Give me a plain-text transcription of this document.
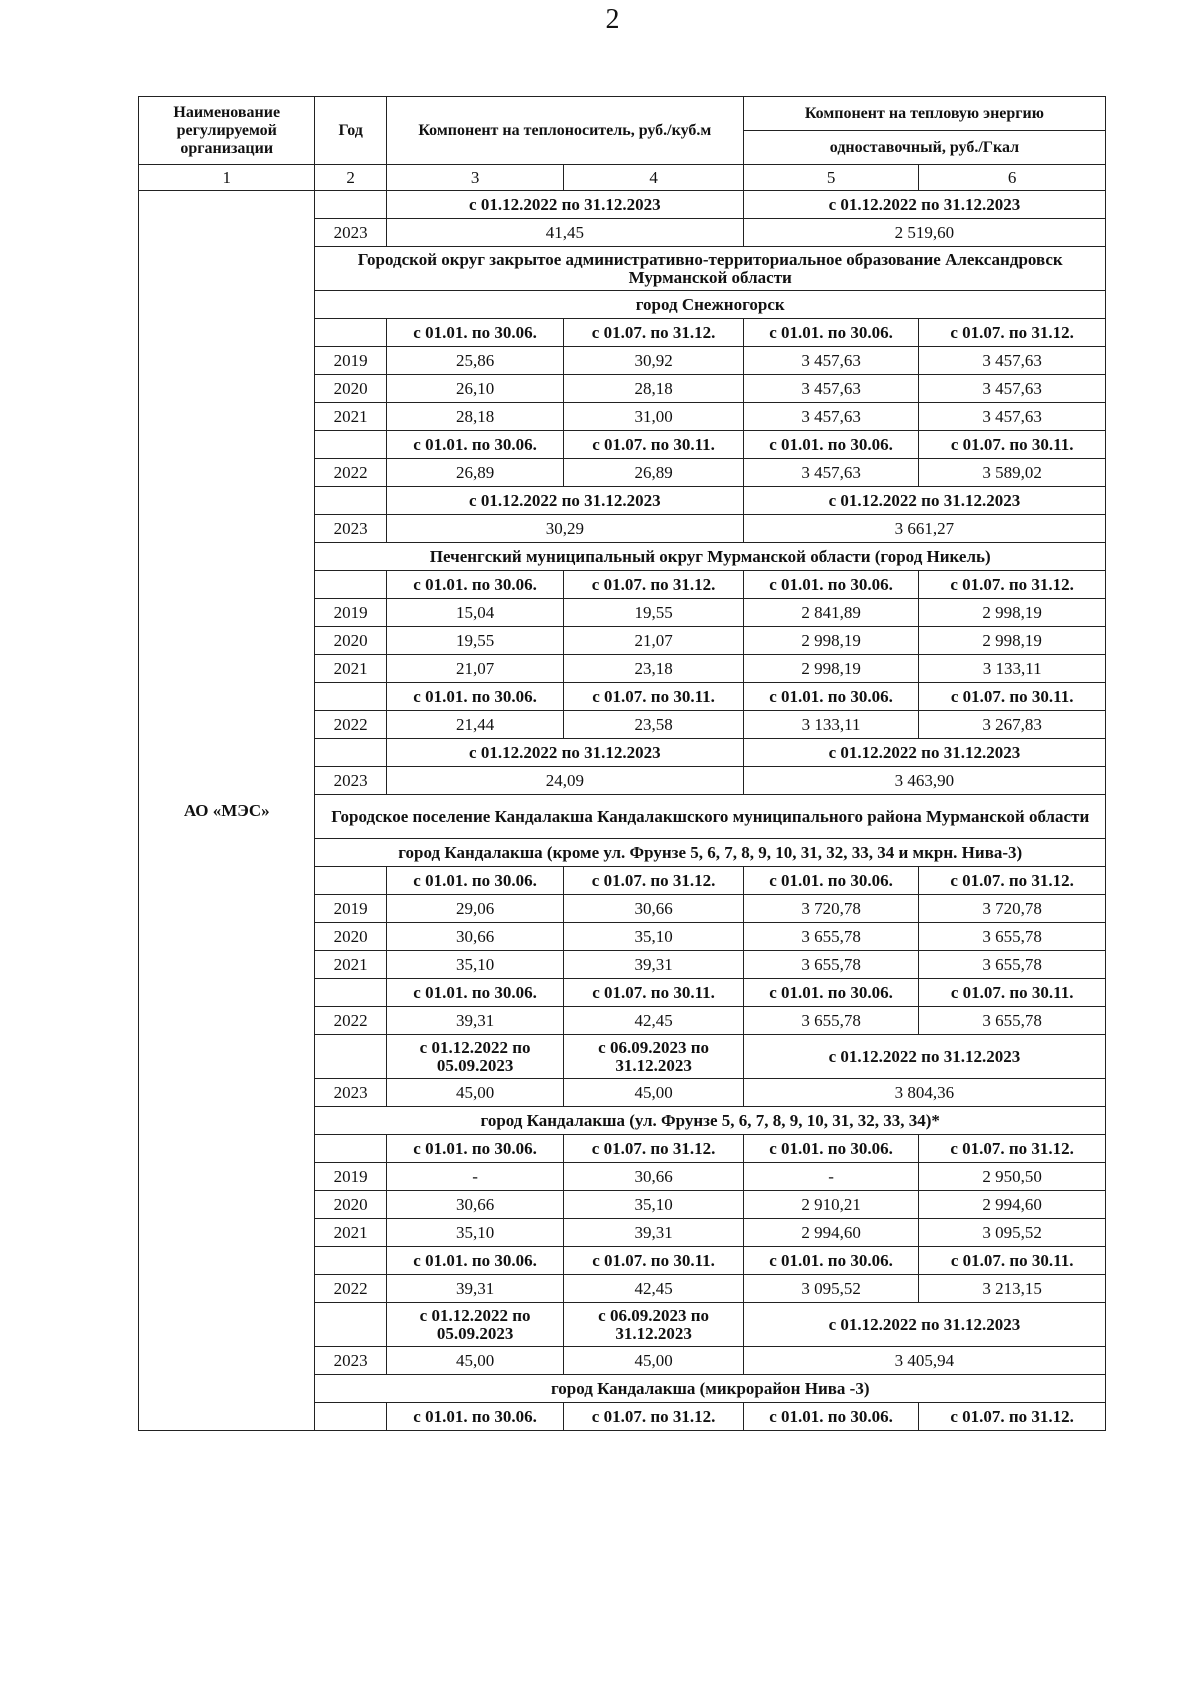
2
Наименование регулируемой организации	Год	Компонент на теплоноситель, руб./куб.м		Компонент на тепловую энергию	
				одноставочный, руб./Гкал	
1	2	3	4	5	6
АО «МЭС»		с 01.12.2022 по 31.12.2023		с 01.12.2022 по 31.12.2023	
	2023	41,45		2 519,60	
	Городской округ закрытое административно-территориальное образование Александровск Мурманской области				
	город Снежногорск				
		с 01.01. по 30.06.	с 01.07. по 31.12.	с 01.01. по 30.06.	с 01.07. по 31.12.
	2019	25,86	30,92	3 457,63	3 457,63
	2020	26,10	28,18	3 457,63	3 457,63
	2021	28,18	31,00	3 457,63	3 457,63
		с 01.01. по 30.06.	с 01.07. по 30.11.	с 01.01. по 30.06.	с 01.07. по 30.11.
	2022	26,89	26,89	3 457,63	3 589,02
		с 01.12.2022 по 31.12.2023		с 01.12.2022 по 31.12.2023	
	2023	30,29		3 661,27	
	Печенгский муниципальный округ Мурманской области (город Никель)				
		с 01.01. по 30.06.	с 01.07. по 31.12.	с 01.01. по 30.06.	с 01.07. по 31.12.
	2019	15,04	19,55	2 841,89	2 998,19
	2020	19,55	21,07	2 998,19	2 998,19
	2021	21,07	23,18	2 998,19	3 133,11
		с 01.01. по 30.06.	с 01.07. по 30.11.	с 01.01. по 30.06.	с 01.07. по 30.11.
	2022	21,44	23,58	3 133,11	3 267,83
		с 01.12.2022 по 31.12.2023		с 01.12.2022 по 31.12.2023	
	2023	24,09		3 463,90	
	Городское поселение Кандалакша Кандалакшского муниципального района Мурманской области				
	город Кандалакша (кроме ул. Фрунзе 5, 6, 7, 8, 9, 10, 31, 32, 33, 34 и мкрн. Нива-3)				
		с 01.01. по 30.06.	с 01.07. по 31.12.	с 01.01. по 30.06.	с 01.07. по 31.12.
	2019	29,06	30,66	3 720,78	3 720,78
	2020	30,66	35,10	3 655,78	3 655,78
	2021	35,10	39,31	3 655,78	3 655,78
		с 01.01. по 30.06.	с 01.07. по 30.11.	с 01.01. по 30.06.	с 01.07. по 30.11.
	2022	39,31	42,45	3 655,78	3 655,78
		с 01.12.2022 по 05.09.2023	с 06.09.2023 по 31.12.2023	с 01.12.2022 по 31.12.2023	
	2023	45,00	45,00	3 804,36	
	город Кандалакша (ул. Фрунзе 5, 6, 7, 8, 9, 10, 31, 32, 33, 34)*				
		с 01.01. по 30.06.	с 01.07. по 31.12.	с 01.01. по 30.06.	с 01.07. по 31.12.
	2019	-	30,66	-	2 950,50
	2020	30,66	35,10	2 910,21	2 994,60
	2021	35,10	39,31	2 994,60	3 095,52
		с 01.01. по 30.06.	с 01.07. по 30.11.	с 01.01. по 30.06.	с 01.07. по 30.11.
	2022	39,31	42,45	3 095,52	3 213,15
		с 01.12.2022 по 05.09.2023	с 06.09.2023 по 31.12.2023	с 01.12.2022 по 31.12.2023	
	2023	45,00	45,00	3 405,94	
	город Кандалакша (микрорайон Нива -3)				
		с 01.01. по 30.06.	с 01.07. по 31.12.	с 01.01. по 30.06.	с 01.07. по 31.12.
